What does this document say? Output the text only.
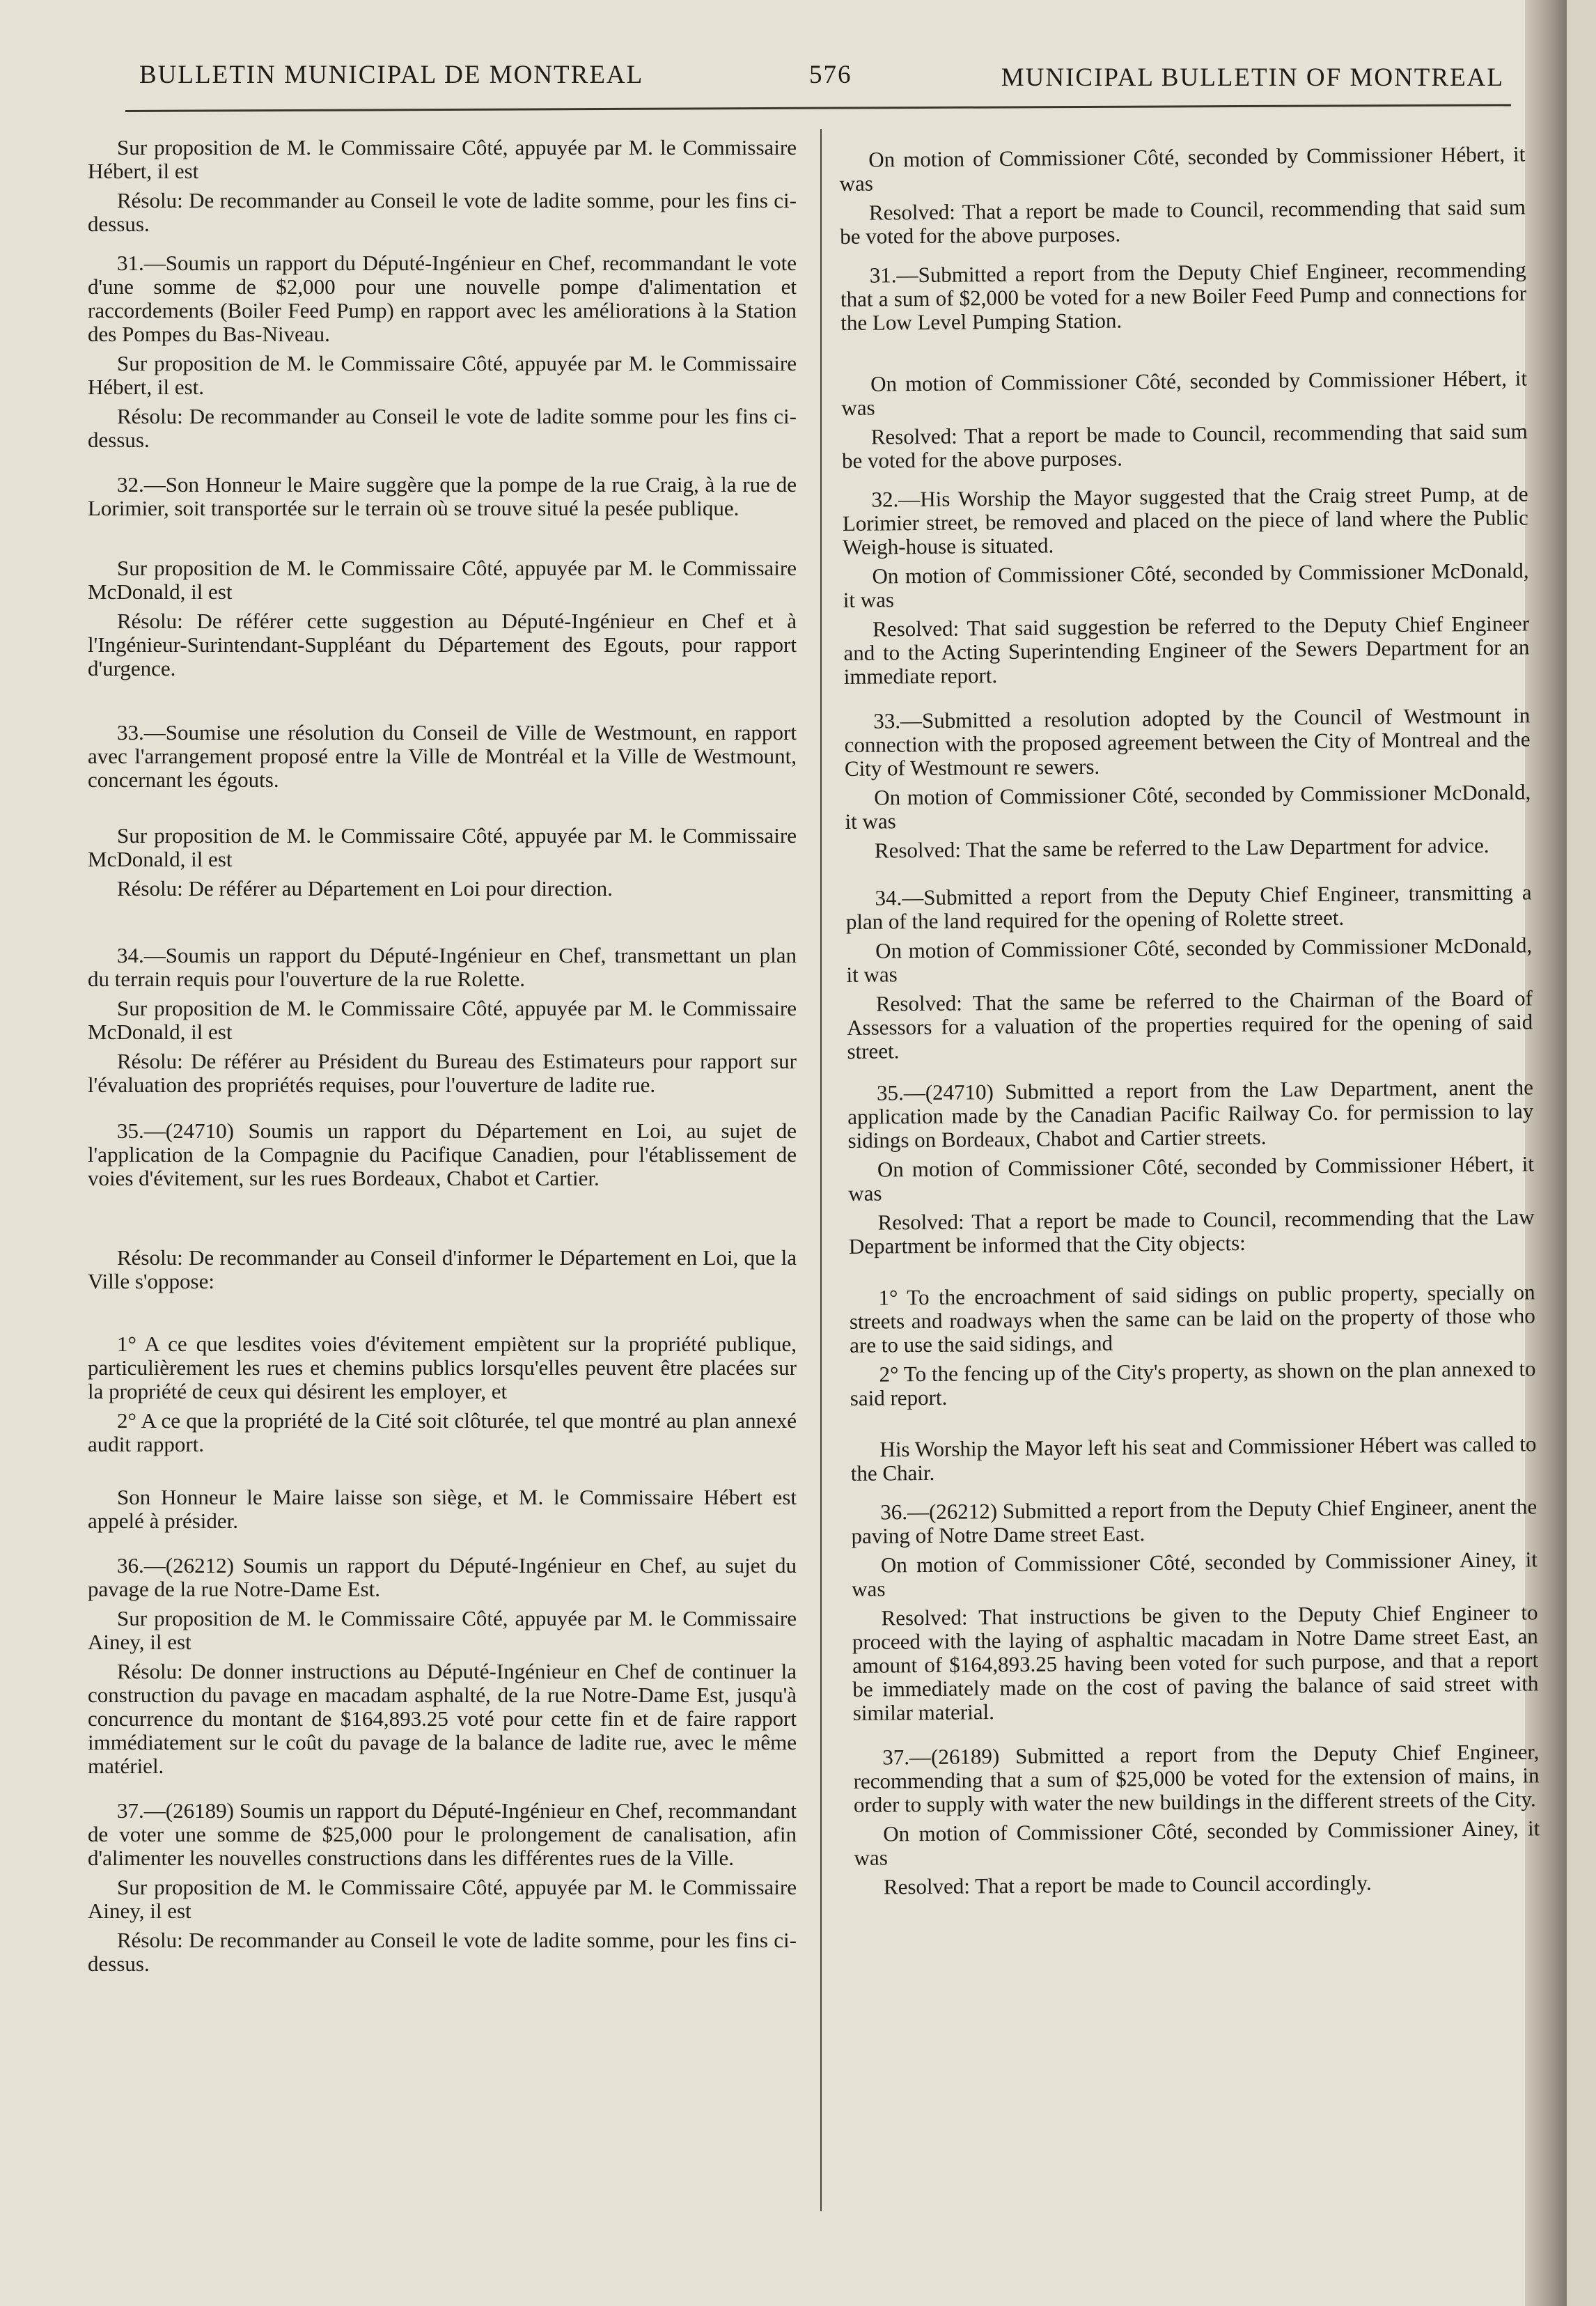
BULLETIN MUNICIPAL DE MONTREAL	576	MUNICIPAL BULLETIN OF MONTREAL

Sur proposition de M. le Commissaire Côté, appuyée par M. le Commissaire Hébert, il est

Résolu: De recommander au Conseil le vote de ladite somme, pour les fins ci-dessus.

31.—Soumis un rapport du Député-Ingénieur en Chef, recommandant le vote d'une somme de $2,000 pour une nouvelle pompe d'alimentation et raccordements (Boiler Feed Pump) en rapport avec les améliorations à la Station des Pompes du Bas-Niveau.

Sur proposition de M. le Commissaire Côté, appuyée par M. le Commissaire Hébert, il est.

Résolu: De recommander au Conseil le vote de ladite somme pour les fins ci-dessus.

32.—Son Honneur le Maire suggère que la pompe de la rue Craig, à la rue de Lorimier, soit transportée sur le terrain où se trouve situé la pesée publique.

Sur proposition de M. le Commissaire Côté, appuyée par M. le Commissaire McDonald, il est

Résolu: De référer cette suggestion au Député-Ingénieur en Chef et à l'Ingénieur-Surintendant-Suppléant du Département des Egouts, pour rapport d'urgence.

33.—Soumise une résolution du Conseil de Ville de Westmount, en rapport avec l'arrangement proposé entre la Ville de Montréal et la Ville de Westmount, concernant les égouts.

Sur proposition de M. le Commissaire Côté, appuyée par M. le Commissaire McDonald, il est

Résolu: De référer au Département en Loi pour direction.

34.—Soumis un rapport du Député-Ingénieur en Chef, transmettant un plan du terrain requis pour l'ouverture de la rue Rolette.

Sur proposition de M. le Commissaire Côté, appuyée par M. le Commissaire McDonald, il est

Résolu: De référer au Président du Bureau des Estimateurs pour rapport sur l'évaluation des propriétés requises, pour l'ouverture de ladite rue.

35.—(24710) Soumis un rapport du Département en Loi, au sujet de l'application de la Compagnie du Pacifique Canadien, pour l'établissement de voies d'évitement, sur les rues Bordeaux, Chabot et Cartier.

Résolu: De recommander au Conseil d'informer le Département en Loi, que la Ville s'oppose:

1° A ce que lesdites voies d'évitement empiètent sur la propriété publique, particulièrement les rues et chemins publics lorsqu'elles peuvent être placées sur la propriété de ceux qui désirent les employer, et

2° A ce que la propriété de la Cité soit clôturée, tel que montré au plan annexé audit rapport.

Son Honneur le Maire laisse son siège, et M. le Commissaire Hébert est appelé à présider.

36.—(26212) Soumis un rapport du Député-Ingénieur en Chef, au sujet du pavage de la rue Notre-Dame Est.

Sur proposition de M. le Commissaire Côté, appuyée par M. le Commissaire Ainey, il est

Résolu: De donner instructions au Député-Ingénieur en Chef de continuer la construction du pavage en macadam asphalté, de la rue Notre-Dame Est, jusqu'à concurrence du montant de $164,893.25 voté pour cette fin et de faire rapport immédiatement sur le coût du pavage de la balance de ladite rue, avec le même matériel.

37.—(26189) Soumis un rapport du Député-Ingénieur en Chef, recommandant de voter une somme de $25,000 pour le prolongement de canalisation, afin d'alimenter les nouvelles constructions dans les différentes rues de la Ville.

Sur proposition de M. le Commissaire Côté, appuyée par M. le Commissaire Ainey, il est

Résolu: De recommander au Conseil le vote de ladite somme, pour les fins ci-dessus.

On motion of Commissioner Côté, seconded by Commissioner Hébert, it was

Resolved: That a report be made to Council, recommending that said sum be voted for the above purposes.

31.—Submitted a report from the Deputy Chief Engineer, recommending that a sum of $2,000 be voted for a new Boiler Feed Pump and connections for the Low Level Pumping Station.

On motion of Commissioner Côté, seconded by Commissioner Hébert, it was

Resolved: That a report be made to Council, recommending that said sum be voted for the above purposes.

32.—His Worship the Mayor suggested that the Craig street Pump, at de Lorimier street, be removed and placed on the piece of land where the Public Weigh-house is situated.

On motion of Commissioner Côté, seconded by Commissioner McDonald, it was

Resolved: That said suggestion be referred to the Deputy Chief Engineer and to the Acting Superintending Engineer of the Sewers Department for an immediate report.

33.—Submitted a resolution adopted by the Council of Westmount in connection with the proposed agreement between the City of Montreal and the City of Westmount re sewers.

On motion of Commissioner Côté, seconded by Commissioner McDonald, it was

Resolved: That the same be referred to the Law Department for advice.

34.—Submitted a report from the Deputy Chief Engineer, transmitting a plan of the land required for the opening of Rolette street.

On motion of Commissioner Côté, seconded by Commissioner McDonald, it was

Resolved: That the same be referred to the Chairman of the Board of Assessors for a valuation of the properties required for the opening of said street.

35.—(24710) Submitted a report from the Law Department, anent the application made by the Canadian Pacific Railway Co. for permission to lay sidings on Bordeaux, Chabot and Cartier streets.

On motion of Commissioner Côté, seconded by Commissioner Hébert, it was

Resolved: That a report be made to Council, recommending that the Law Department be informed that the City objects:

1° To the encroachment of said sidings on public property, specially on streets and roadways when the same can be laid on the property of those who are to use the said sidings, and

2° To the fencing up of the City's property, as shown on the plan annexed to said report.

His Worship the Mayor left his seat and Commissioner Hébert was called to the Chair.

36.—(26212) Submitted a report from the Deputy Chief Engineer, anent the paving of Notre Dame street East.

On motion of Commissioner Côté, seconded by Commissioner Ainey, it was

Resolved: That instructions be given to the Deputy Chief Engineer to proceed with the laying of asphaltic macadam in Notre Dame street East, an amount of $164,893.25 having been voted for such purpose, and that a report be immediately made on the cost of paving the balance of said street with similar material.

37.—(26189) Submitted a report from the Deputy Chief Engineer, recommending that a sum of $25,000 be voted for the extension of mains, in order to supply with water the new buildings in the different streets of the City.

On motion of Commissioner Côté, seconded by Commissioner Ainey, it was

Resolved: That a report be made to Council accordingly.
